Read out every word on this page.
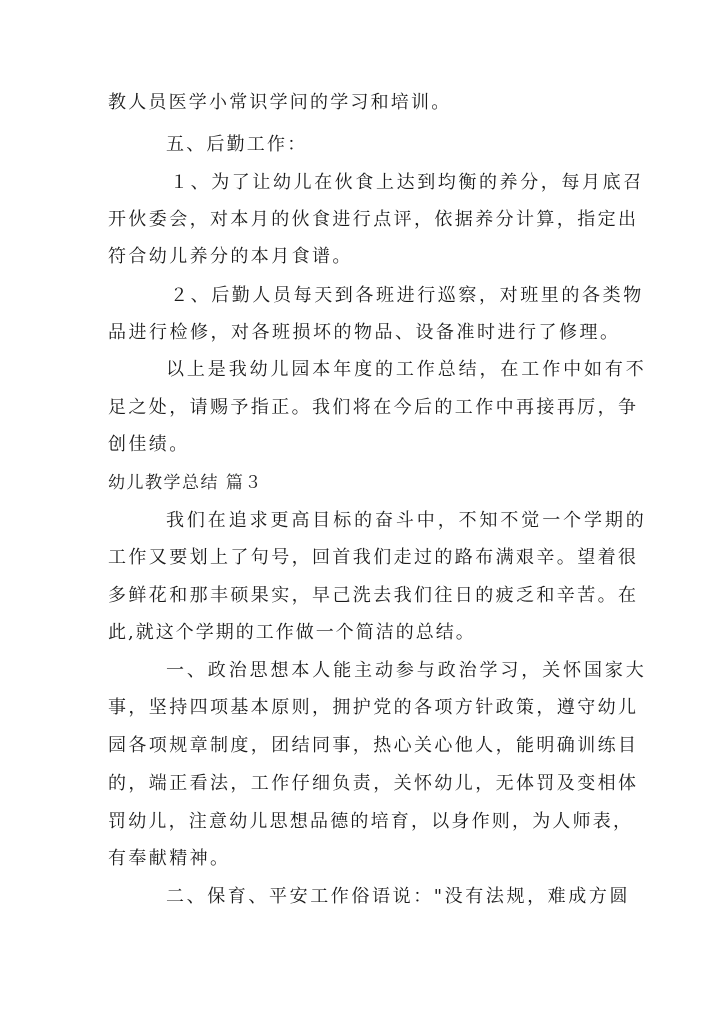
教人员医学小常识学问的学习和培训。
五、后勤工作：
１、为了让幼儿在伙食上达到均衡的养分，每月底召
开伙委会，对本月的伙食进行点评，依据养分计算，指定出
符合幼儿养分的本月食谱。
２、后勤人员每天到各班进行巡察，对班里的各类物
品进行检修，对各班损坏的物品、设备准时进行了修理。
以上是我幼儿园本年度的工作总结，在工作中如有不
足之处，请赐予指正。我们将在今后的工作中再接再厉，争
创佳绩。
幼儿教学总结 篇３
我们在追求更高目标的奋斗中，不知不觉一个学期的
工作又要划上了句号，回首我们走过的路布满艰辛。望着很
多鲜花和那丰硕果实，早己洗去我们往日的疲乏和辛苦。在
此,就这个学期的工作做一个简洁的总结。
一、政治思想本人能主动参与政治学习，关怀国家大
事，坚持四项基本原则，拥护党的各项方针政策，遵守幼儿
园各项规章制度，团结同事，热心关心他人，能明确训练目
的，端正看法，工作仔细负责，关怀幼儿，无体罚及变相体
罚幼儿，注意幼儿思想品德的培育，以身作则，为人师表，
有奉献精神。
二、保育、平安工作俗语说："没有法规，难成方圆
